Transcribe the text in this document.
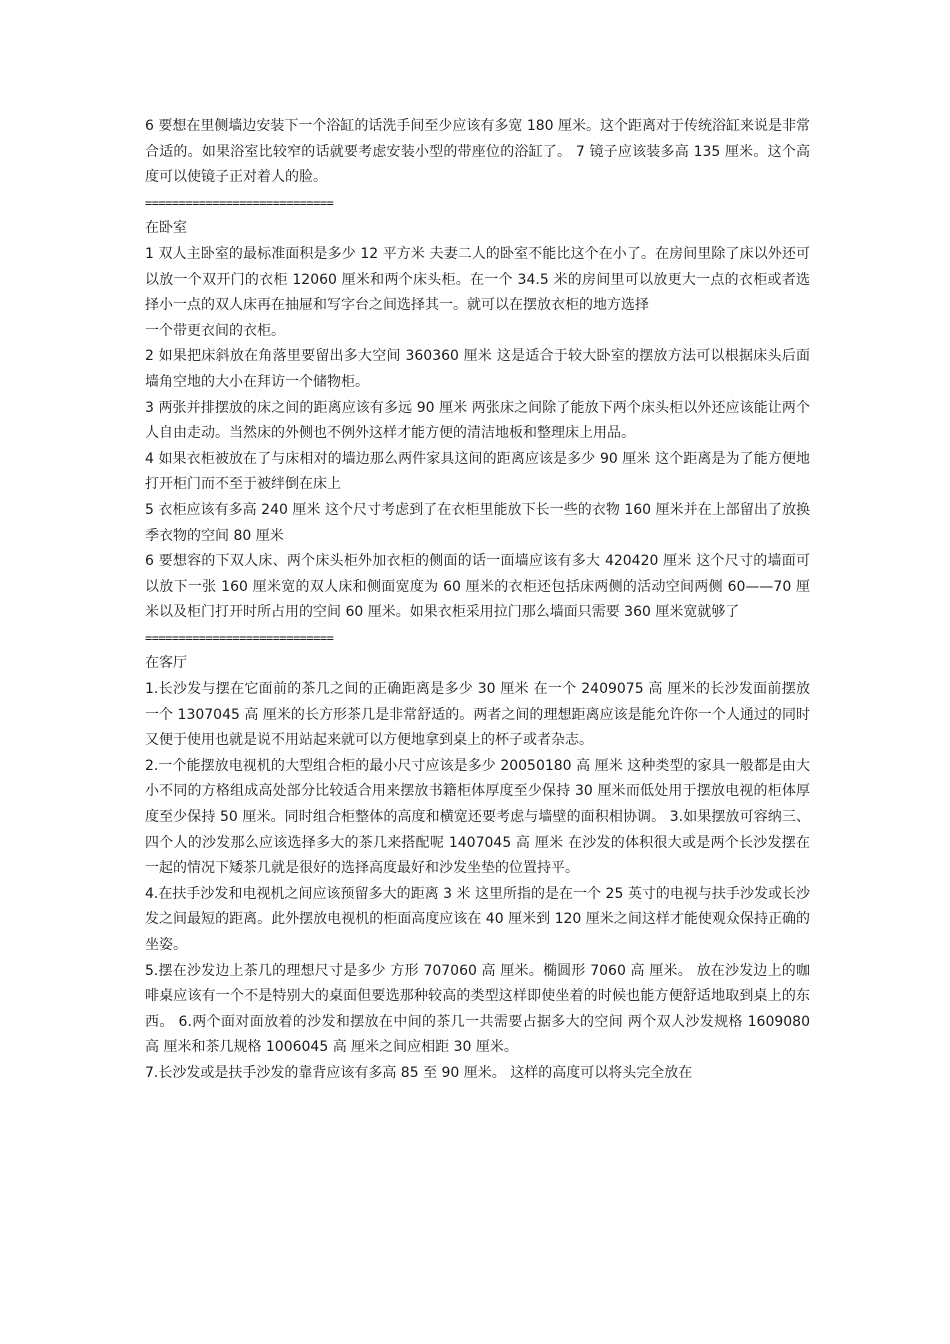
6 要想在里侧墙边安装下一个浴缸的话洗手间至少应该有多宽 180 厘米。这个距离对于传统浴缸来说是非常合适的。如果浴室比较窄的话就要考虑安装小型的带座位的浴缸了。 7 镜子应该装多高 135 厘米。这个高度可以使镜子正对着人的脸。

============================

在卧室

1 双人主卧室的最标准面积是多少 12 平方米 夫妻二人的卧室不能比这个在小了。在房间里除了床以外还可以放一个双开门的衣柜 12060 厘米和两个床头柜。在一个 34.5 米的房间里可以放更大一点的衣柜或者选择小一点的双人床再在抽屉和写字台之间选择其一。就可以在摆放衣柜的地方选择

一个带更衣间的衣柜。

2 如果把床斜放在角落里要留出多大空间 360360 厘米 这是适合于较大卧室的摆放方法可以根据床头后面墙角空地的大小在拜访一个储物柜。

3 两张并排摆放的床之间的距离应该有多远 90 厘米 两张床之间除了能放下两个床头柜以外还应该能让两个人自由走动。当然床的外侧也不例外这样才能方便的清洁地板和整理床上用品。

4 如果衣柜被放在了与床相对的墙边那么两件家具这间的距离应该是多少 90 厘米 这个距离是为了能方便地打开柜门而不至于被绊倒在床上

5 衣柜应该有多高 240 厘米 这个尺寸考虑到了在衣柜里能放下长一些的衣物 160 厘米并在上部留出了放换季衣物的空间 80 厘米

6 要想容的下双人床、两个床头柜外加衣柜的侧面的话一面墙应该有多大 420420 厘米 这个尺寸的墙面可以放下一张 160 厘米宽的双人床和侧面宽度为 60 厘米的衣柜还包括床两侧的活动空间两侧 60——70 厘米以及柜门打开时所占用的空间 60 厘米。如果衣柜采用拉门那么墙面只需要 360 厘米宽就够了

============================

在客厅

1.长沙发与摆在它面前的茶几之间的正确距离是多少 30 厘米 在一个 2409075 高 厘米的长沙发面前摆放一个 1307045 高 厘米的长方形茶几是非常舒适的。两者之间的理想距离应该是能允许你一个人通过的同时又便于使用也就是说不用站起来就可以方便地拿到桌上的杯子或者杂志。

2.一个能摆放电视机的大型组合柜的最小尺寸应该是多少 20050180 高 厘米 这种类型的家具一般都是由大小不同的方格组成高处部分比较适合用来摆放书籍柜体厚度至少保持 30 厘米而低处用于摆放电视的柜体厚度至少保持 50 厘米。同时组合柜整体的高度和横宽还要考虑与墙壁的面积相协调。 3.如果摆放可容纳三、四个人的沙发那么应该选择多大的茶几来搭配呢 1407045 高 厘米 在沙发的体积很大或是两个长沙发摆在一起的情况下矮茶几就是很好的选择高度最好和沙发坐垫的位置持平。

4.在扶手沙发和电视机之间应该预留多大的距离 3 米 这里所指的是在一个 25 英寸的电视与扶手沙发或长沙发之间最短的距离。此外摆放电视机的柜面高度应该在 40 厘米到 120 厘米之间这样才能使观众保持正确的坐姿。

5.摆在沙发边上茶几的理想尺寸是多少 方形 707060 高 厘米。椭圆形 7060 高 厘米。 放在沙发边上的咖啡桌应该有一个不是特别大的桌面但要选那种较高的类型这样即使坐着的时候也能方便舒适地取到桌上的东西。 6.两个面对面放着的沙发和摆放在中间的茶几一共需要占据多大的空间 两个双人沙发规格 1609080 高 厘米和茶几规格 1006045 高 厘米之间应相距 30 厘米。

7.长沙发或是扶手沙发的靠背应该有多高 85 至 90 厘米。 这样的高度可以将头完全放在
